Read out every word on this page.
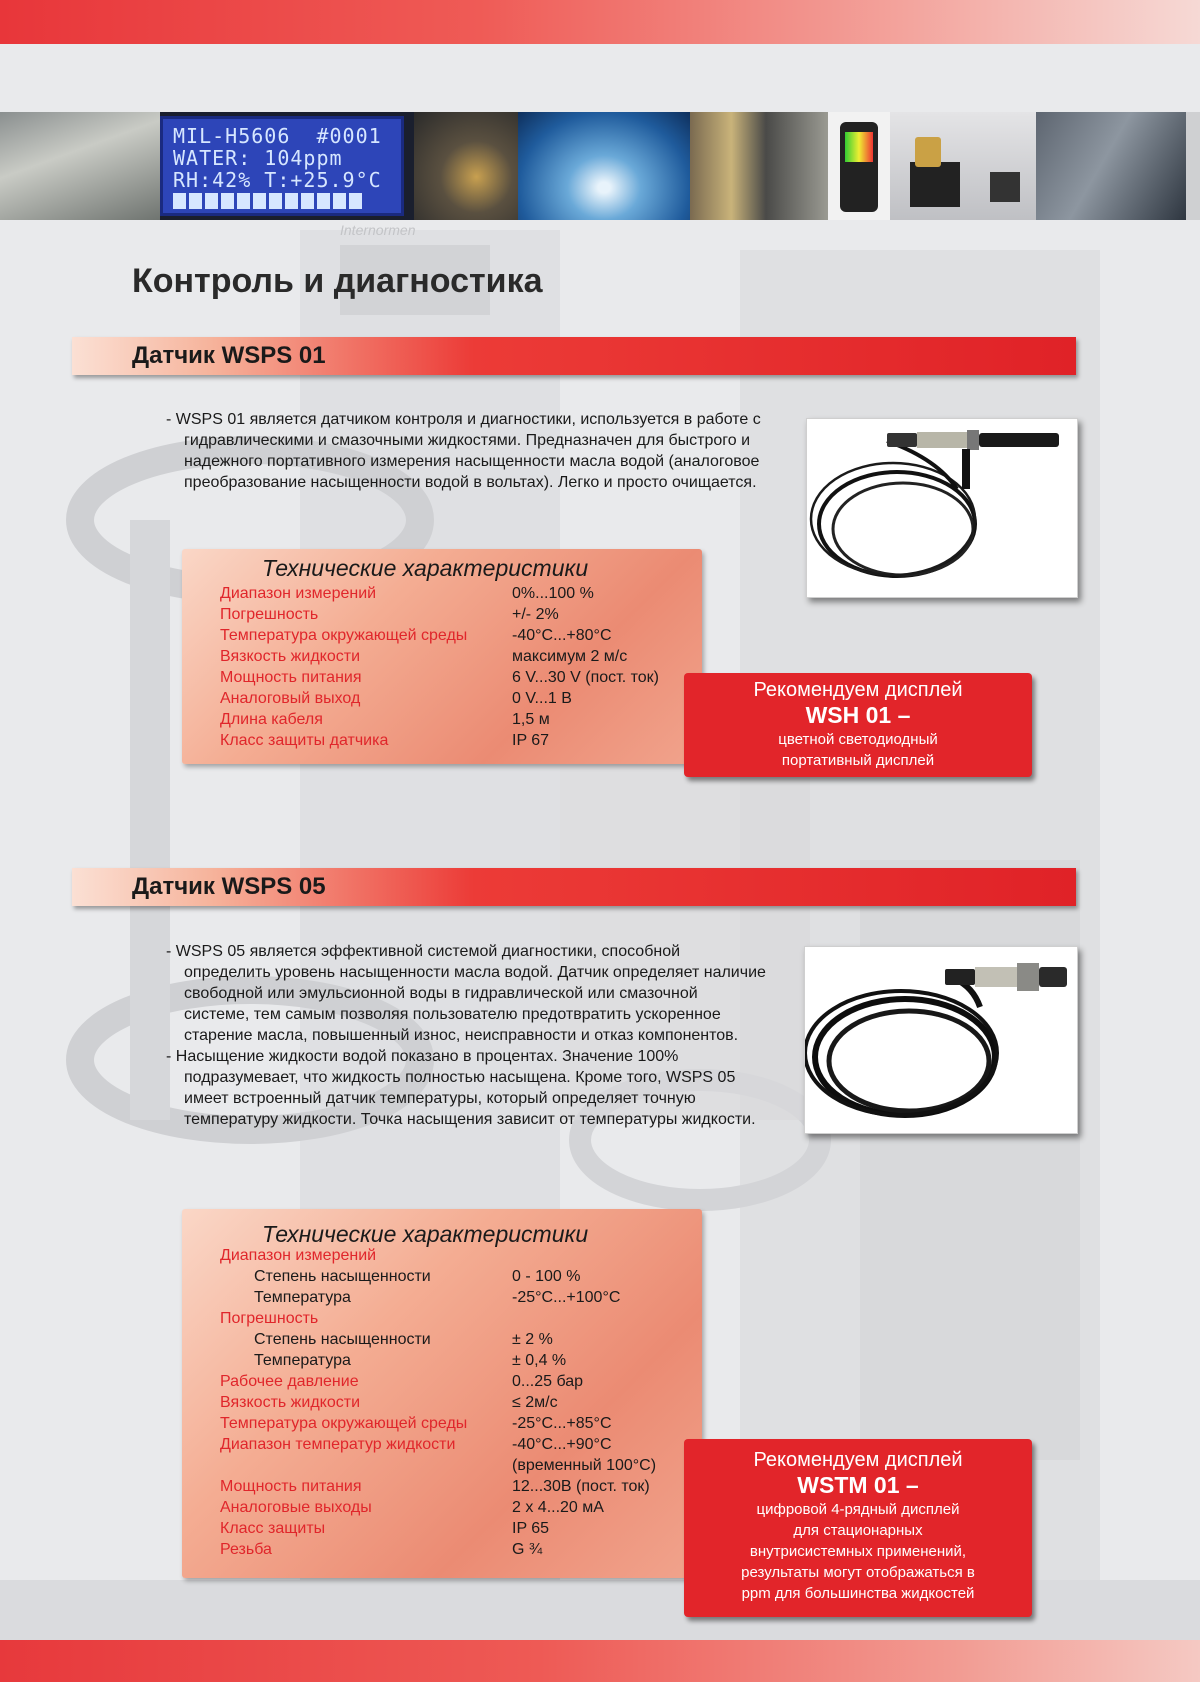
MIL-H5606  #0001
WATER: 104ppm
RH:42% T:+25.9°C
Internormen
Контроль и диагностика
Датчик WSPS 01

- WSPS 01 является датчиком контроля и диагностики, используется в работе с гидравлическими и смазочными жидкостями. Предназначен для быстрого и надежного портативного измерения насыщенности масла водой (аналоговое преобразование насыщенности водой в вольтах). Легко и просто очищается.

Технические характеристики
Диапазон измерений	0%...100 %
Погрешность	+/- 2%
Температура окружающей среды	-40°C...+80°C
Вязкость жидкости	максимум 2 м/с
Мощность питания	6 V...30 V (пост. ток)
Аналоговый выход	0 V...1 B
Длина кабеля	1,5 м
Класс защиты датчика	IP 67
Рекомендуем дисплей
WSH 01 –
цветной светодиодный
портативный дисплей
Датчик WSPS 05

- WSPS 05 является эффективной системой диагностики, способной определить уровень насыщенности масла водой. Датчик определяет наличие свободной или эмульсионной воды в гидравлической или смазочной системе, тем самым позволяя пользователю предотвратить ускоренное старение масла, повышенный износ, неисправности и отказ компонентов.

- Насыщение жидкости водой показано в процентах. Значение 100% подразумевает, что жидкость полностью насыщена. Кроме того, WSPS 05 имеет встроенный датчик температуры, который определяет точную температуру жидкости. Точка насыщения зависит от температуры жидкости.

Технические характеристики
Диапазон измерений
Степень насыщенности	0 - 100 %
Температура	-25°C...+100°C
Погрешность
Степень насыщенности	± 2 %
Температура	± 0,4 %
Рабочее давление	0...25 бар
Вязкость жидкости	≤ 2м/с
Температура окружающей среды	-25°C...+85°C
Диапазон температур жидкости	-40°C...+90°C
(временный 100°C)
Мощность питания	12...30В (пост. ток)
Аналоговые выходы	2 x 4...20 мА
Класс защиты	IP 65
Резьба	G ¾
Рекомендуем дисплей
WSTM 01 –
цифровой 4-рядный дисплей
для стационарных
внутрисистемных применений,
результаты могут отображаться в
ppm для большинства жидкостей
